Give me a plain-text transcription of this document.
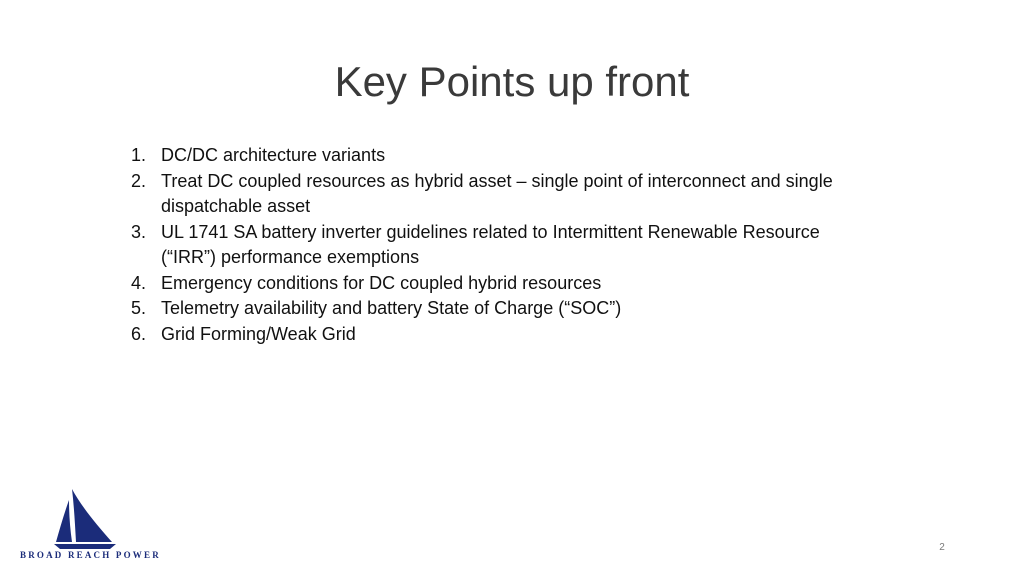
Key Points up front
1. DC/DC architecture variants
2. Treat DC coupled resources as hybrid asset – single point of interconnect and single dispatchable asset
3. UL 1741 SA battery inverter guidelines related to Intermittent Renewable Resource (“IRR”) performance exemptions
4. Emergency conditions for DC coupled hybrid resources
5. Telemetry availability and battery State of Charge (“SOC”)
6. Grid Forming/Weak Grid
BROAD REACH POWER
2
